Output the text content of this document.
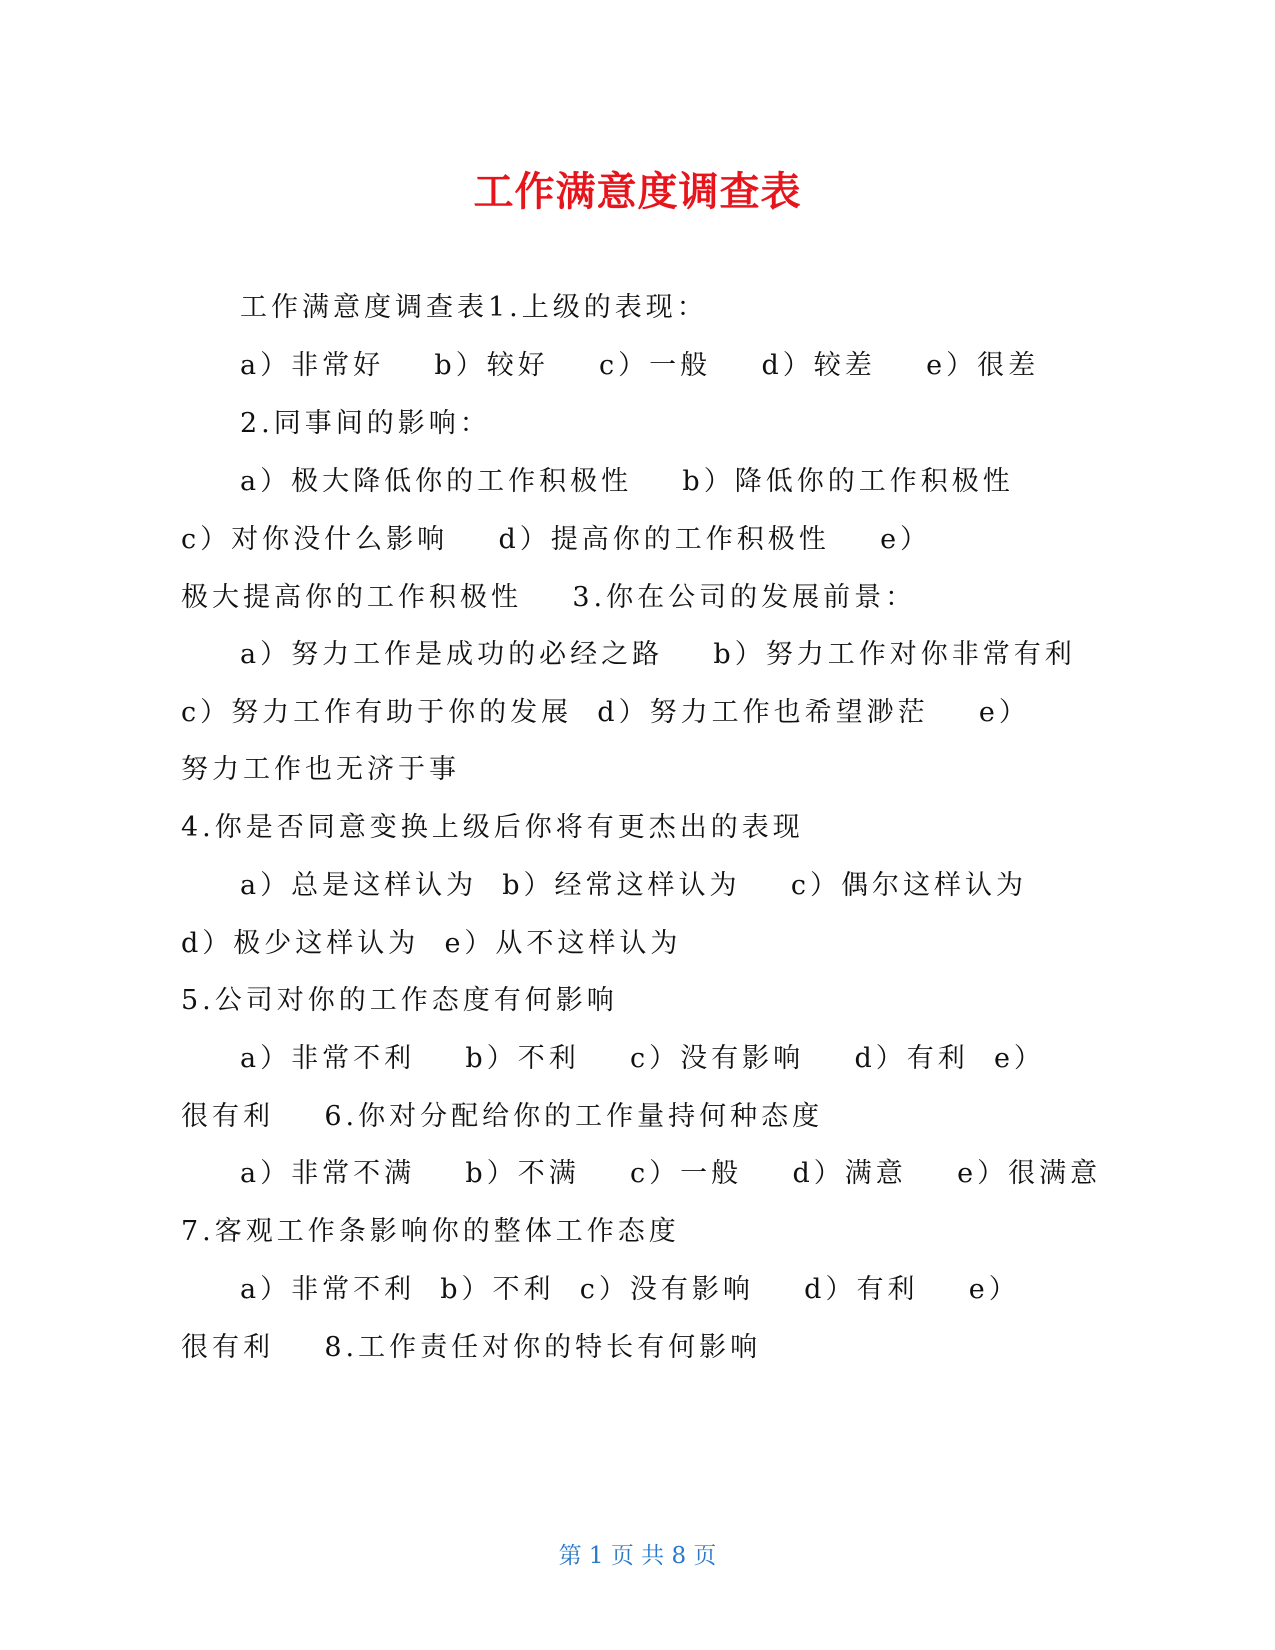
工作满意度调查表
工作满意度调查表1.上级的表现：
a）非常好    b）较好    c）一般    d）较差    e）很差
2.同事间的影响：
a）极大降低你的工作积极性    b）降低你的工作积极性
c）对你没什么影响    d）提高你的工作积极性    e）
极大提高你的工作积极性    3.你在公司的发展前景：
a）努力工作是成功的必经之路    b）努力工作对你非常有利
c）努力工作有助于你的发展  d）努力工作也希望渺茫    e）
努力工作也无济于事
4.你是否同意变换上级后你将有更杰出的表现
a）总是这样认为  b）经常这样认为    c）偶尔这样认为
d）极少这样认为  e）从不这样认为
5.公司对你的工作态度有何影响
a）非常不利    b）不利    c）没有影响    d）有利  e）
很有利    6.你对分配给你的工作量持何种态度
a）非常不满    b）不满    c）一般    d）满意    e）很满意
7.客观工作条影响你的整体工作态度
a）非常不利  b）不利  c）没有影响    d）有利    e）
很有利    8.工作责任对你的特长有何影响
第 1 页 共 8 页
